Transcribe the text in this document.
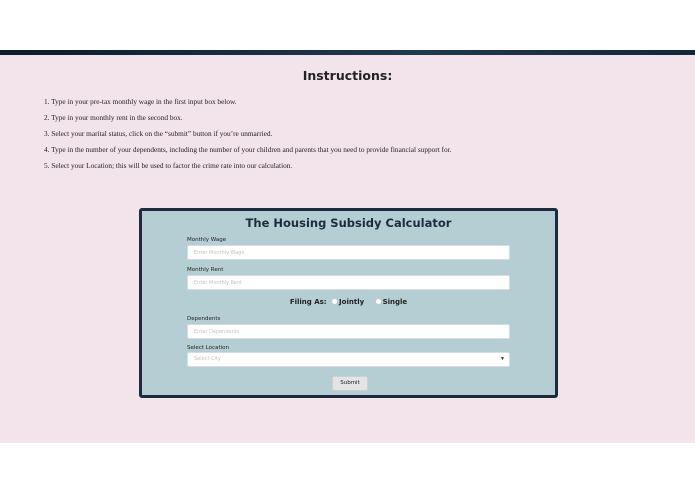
Instructions:
1. Type in your pre-tax monthly wage in the first input box below.
2. Type in your monthly rent in the second box.
3. Select your marital status, click on the “submit” button if you’re unmarried.
4. Type in the number of your dependents, including the number of your children and parents that you need to provide financial support for.
5. Select your Location; this will be used to factor the crime rate into our calculation.
The Housing Subsidy Calculator
Monthly Wage
Enter Monthly Wage
Monthly Rent
Enter Monthly Rent
Filing As: Jointly	Single
Dependents
Enter Dependents
Select Location
Select City	▼
Submit
